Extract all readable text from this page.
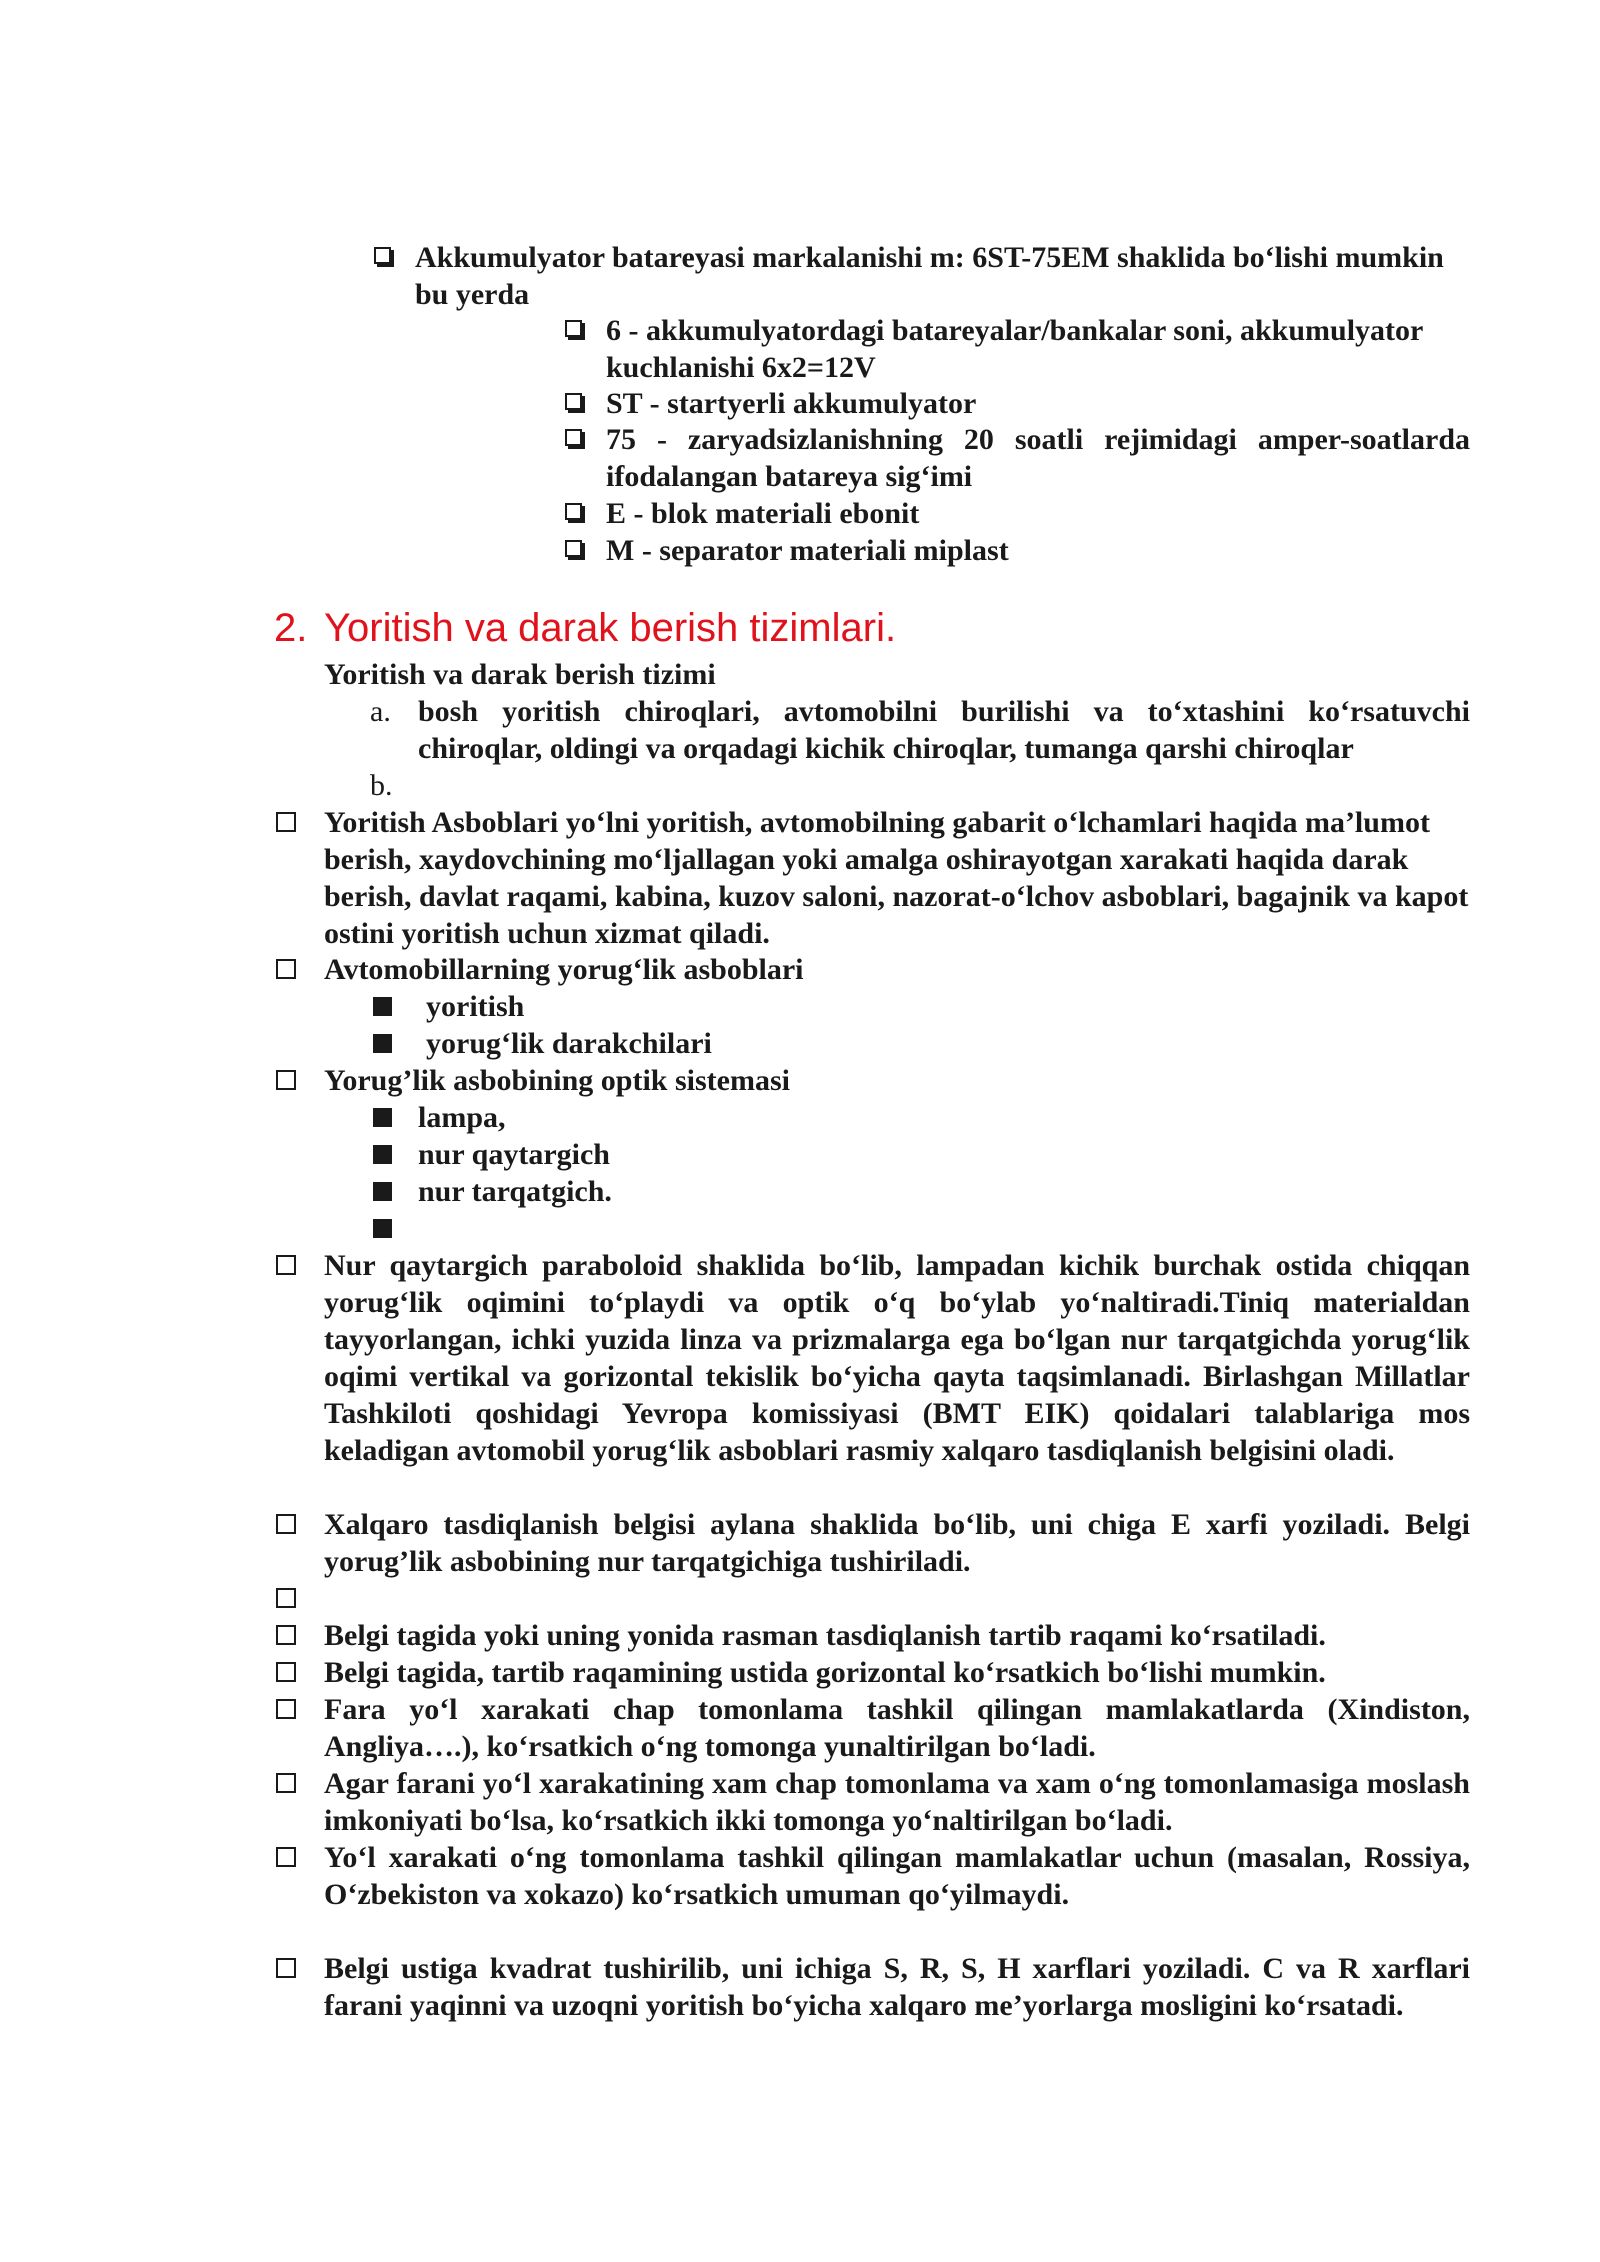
Akkumulyator batareyasi markalanishi m: 6ST-75EM shaklida bo‘lishi mumkin bu yerda
6 - akkumulyatordagi batareyalar/bankalar soni, akkumulyator kuchlanishi 6x2=12V
ST - startyerli akkumulyator
75 - zaryadsizlanishning 20 soatli rejimidagi amper-soatlarda ifodalangan batareya sig‘imi
E - blok materiali ebonit
M - separator materiali miplast
2. Yoritish va darak berish tizimlari.
Yoritish va darak berish tizimi
a. bosh yoritish chiroqlari, avtomobilni burilishi va to‘xtashini ko‘rsatuvchi chiroqlar, oldingi va orqadagi kichik chiroqlar, tumanga qarshi chiroqlar
b.
Yoritish Asboblari yo‘lni yoritish, avtomobilning gabarit o‘lchamlari haqida ma’lumot berish, xaydovchining mo‘ljallagan yoki amalga oshirayotgan xarakati haqida darak berish, davlat raqami, kabina, kuzov saloni, nazorat-o‘lchov asboblari, bagajnik va kapot ostini yoritish uchun xizmat qiladi.
Avtomobillarning yorug‘lik asboblari
yoritish
yorug‘lik darakchilari
Yorug’lik asbobining optik sistemasi
lampa,
nur qaytargich
nur tarqatgich.
Nur qaytargich paraboloid shaklida bo‘lib, lampadan kichik burchak ostida chiqqan yorug‘lik oqimini to‘playdi va optik o‘q bo‘ylab yo‘naltiradi.Tiniq materialdan tayyorlangan, ichki yuzida linza va prizmalarga ega bo‘lgan nur tarqatgichda yorug‘lik oqimi vertikal va gorizontal tekislik bo‘yicha qayta taqsimlanadi. Birlashgan Millatlar Tashkiloti qoshidagi Yevropa komissiyasi (BMT EIK) qoidalari talablariga mos keladigan avtomobil yorug‘lik asboblari rasmiy xalqaro tasdiqlanish belgisini oladi.
Xalqaro tasdiqlanish belgisi aylana shaklida bo‘lib, uni chiga E xarfi yoziladi. Belgi yorug’lik asbobining nur tarqatgichiga tushiriladi.
Belgi tagida yoki uning yonida rasman tasdiqlanish tartib raqami ko‘rsatiladi.
Belgi tagida, tartib raqamining ustida gorizontal ko‘rsatkich bo‘lishi mumkin.
Fara yo‘l xarakati chap tomonlama tashkil qilingan mamlakatlarda (Xindiston, Angliya….), ko‘rsatkich o‘ng tomonga yunaltirilgan bo‘ladi.
Agar farani yo‘l xarakatining xam chap tomonlama va xam o‘ng tomonlamasiga moslash imkoniyati bo‘lsa, ko‘rsatkich ikki tomonga yo‘naltirilgan bo‘ladi.
Yo‘l xarakati o‘ng tomonlama tashkil qilingan mamlakatlar uchun (masalan, Rossiya, O‘zbekiston va xokazo) ko‘rsatkich umuman qo‘yilmaydi.
Belgi ustiga kvadrat tushirilib, uni ichiga S, R, S, H xarflari yoziladi. C va R xarflari farani yaqinni va uzoqni yoritish bo‘yicha xalqaro me’yorlarga mosligini ko‘rsatadi.
